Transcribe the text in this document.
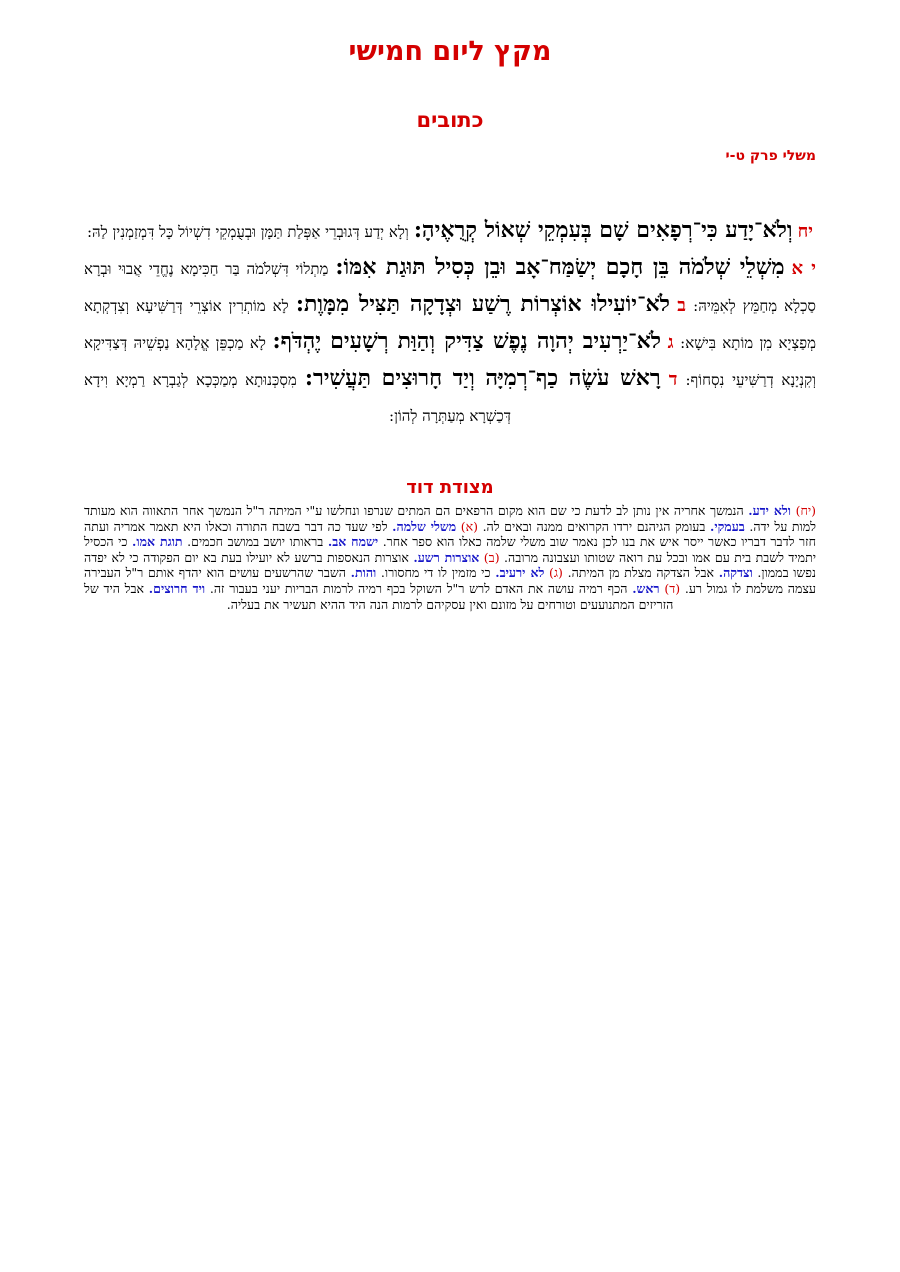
מקץ ליום חמישי
כתובים
משלי פרק ט-י

יח וְלֹא־יָדַע כִּי־רְפָאִים שָׁם בְּעִמְקֵי שְׁאוֹל קְרֻאֶיהָ: וְלָא יְדַע דְּגוּבְרֵי אַפְּלַת תַּמָּן וּבְעֻמְקֵי דִשְׁיוֹל כָּל דִּמְזַמְנִין לַהּ:

י א מִשְׁלֵי שְׁלֹמֹה בֵּן חָכָם יְשַׂמַּח־אָב וּבֵן כְּסִיל תּוּגַת אִמּוֹ: מַתְלוֹי דִּשְׁלֹמֹה בַּר חַכִּימָא נֶחֱדֵי אֲבוּי וּבְרָא סַכְלָא מְחַמֵּץ לְאִמֵּיהּ: ב לֹא־יוֹעִילוּ אוֹצְרוֹת רֶשַׁע וּצְדָקָה תַּצִּיל מִמָּוֶת: לָא מוֹתְרִין אוֹצְרֵי דְּרַשִּׁיעָא וְצִדְקְתָא מְפַצְיָא מִן מוֹתָא בִּישָׁא: ג לֹא־יַרְעִיב יְהוָה נֶפֶשׁ צַדִּיק וְהַוַּת רְשָׁעִים יֶהְדֹּף: לָא מַכְפֵּן אֱלָהָא נַפְשֵׁיהּ דְּצַדִּיקָא וְקִנְיָנָא דְרַשִּׁיעֵי נִסְחוֹף: ד רָאשׁ עֹשֶׂה כַף־רְמִיָּה וְיַד חָרוּצִים תַּעֲשִׁיר: מִסְכְּנוּתָא מְמַכְּכָא לְגַבְרָא רַמְיָא וִידָא דְּכַשְׁרָא מְעַתְּרָה לְהוֹן:

מצודת דוד
(יח) ולא ידע. הנמשך אחריה אין נותן לב לדעת כי שם הוא מקום הרפאים הם המתים שנרפו ונחלשו ע"י המיתה ר"ל הנמשך אחר התאווה הוא מעותד למות על ידה. בעמקי. בעומק הגיהנם ירדו הקרואים ממנה ובאים לה. (א) משלי שלמה. לפי שעד כה דבר בשבח התורה וכאלו היא תאמר אמריה ועתה חזר לדבר דבריו כאשר ייסר איש את בנו לכן נאמר שוב משלי שלמה כאלו הוא ספר אחר. ישמח אב. בראותו יושב במושב חכמים. תוגת אמו. כי הכסיל יתמיד לשבת בית עם אמו ובכל עת רואה שטותו ועצבונה מרובה. (ב) אוצרות רשע. אוצרות הנאספות ברשע לא יועילו בעת בא יום הפקודה כי לא יפדה נפשו בממון. וצדקה. אבל הצדקה מצלת מן המיתה. (ג) לא ירעיב. כי מזמין לו די מחסורו. והות. השבר שהרשעים עושים הוא יהדף אותם ר"ל העבירה עצמה משלמת לו גמול רע. (ד) ראש. הכף רמיה עושה את האדם לרש ר"ל השוקל בכף רמיה לרמות הבריות יעני בעבור זה. ויד חרוצים. אבל היד של הזריזים המתנועעים וטורחים על מזונם ואין עסקיהם לרמות הנה היד ההיא תעשיר את בעליה.
